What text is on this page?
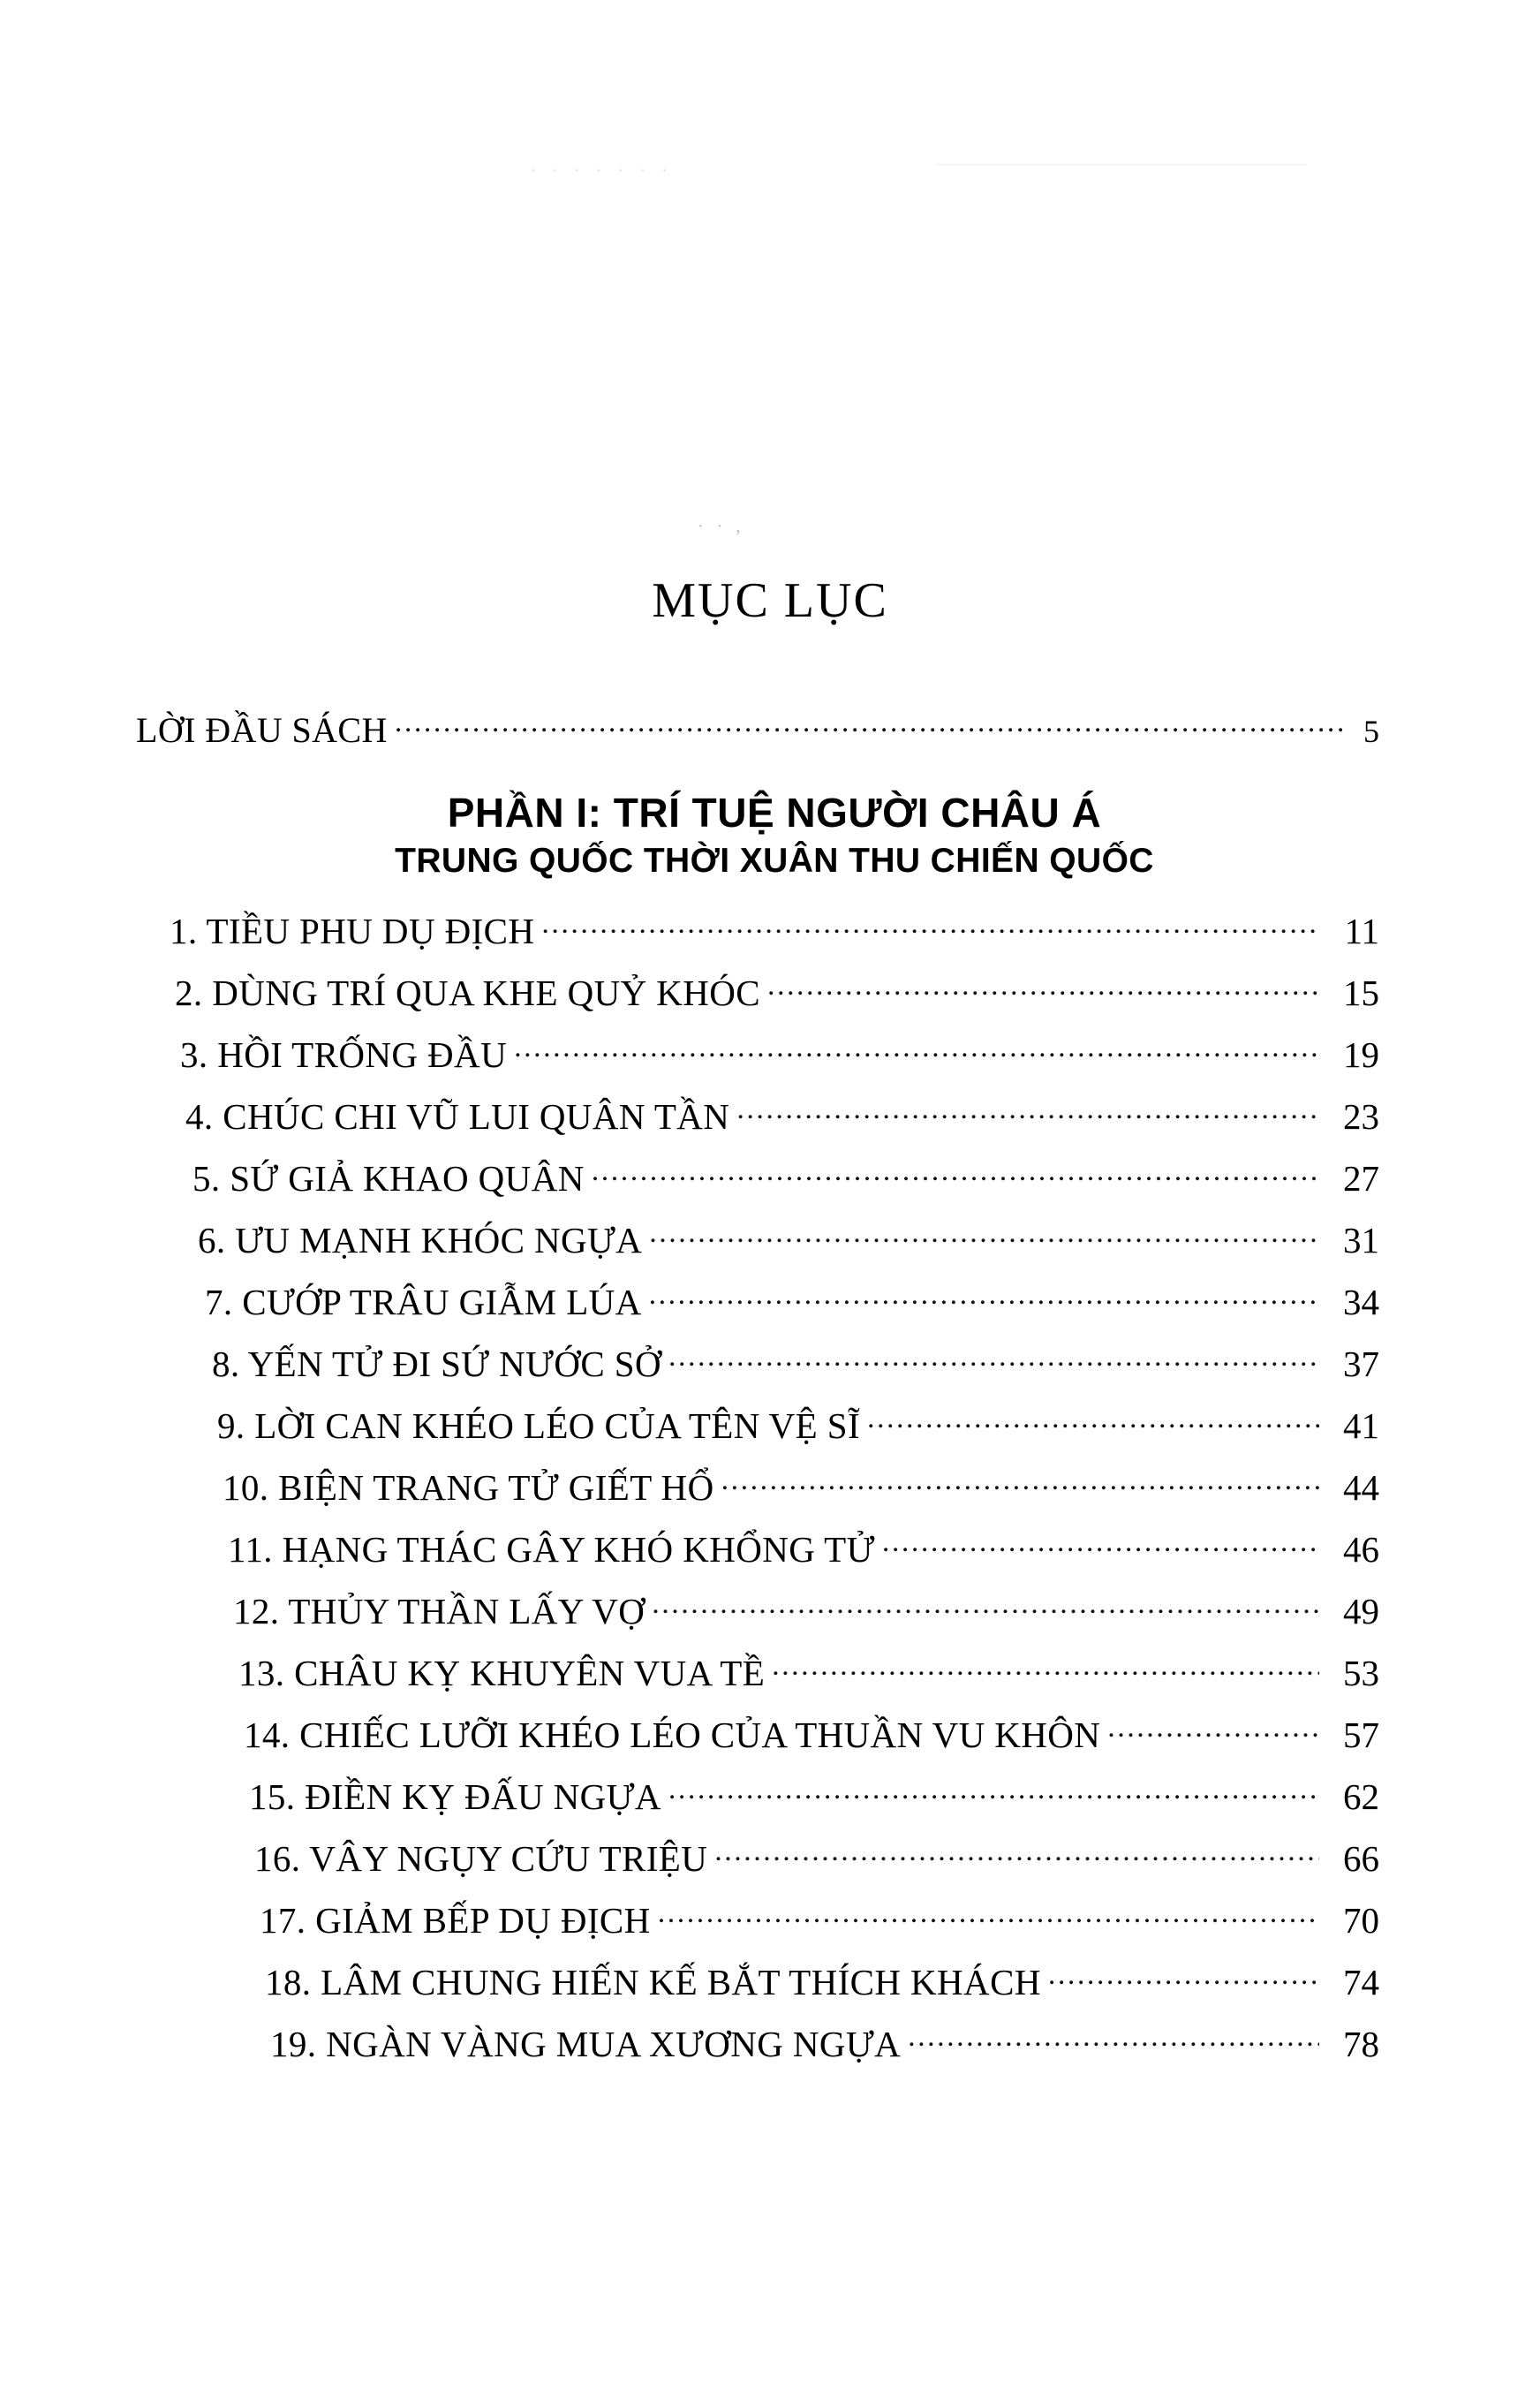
· · · · · · ·
· · ,
MỤC LỤC
LỜI ĐẦU SÁCH .....	5
PHẦN I: TRÍ TUỆ NGƯỜI CHÂU Á
TRUNG QUỐC THỜI XUÂN THU CHIẾN QUỐC
1. TIỀU PHU DỤ ĐỊCH .....	11
2. DÙNG TRÍ QUA KHE QUỶ KHÓC .....	15
3. HỒI TRỐNG ĐẦU .....	19
4. CHÚC CHI VŨ LUI QUÂN TẦN .....	23
5. SỨ GIẢ KHAO QUÂN .....	27
6. ƯU MẠNH KHÓC NGỰA .....	31
7. CƯỚP TRÂU GIẪM LÚA .....	34
8. YẾN TỬ ĐI SỨ NƯỚC SỞ .....	37
9. LỜI CAN KHÉO LÉO CỦA TÊN VỆ SĨ .....	41
10. BIỆN TRANG TỬ GIẾT HỔ .....	44
11. HẠNG THÁC GÂY KHÓ KHỔNG TỬ .....	46
12. THỦY THẦN LẤY VỢ .....	49
13. CHÂU KỴ KHUYÊN VUA TỀ .....	53
14. CHIẾC LƯỠI KHÉO LÉO CỦA THUẦN VU KHÔN .....	57
15. ĐIỀN KỴ ĐẤU NGỰA .....	62
16. VÂY NGỤY CỨU TRIỆU .....	66
17. GIẢM BẾP DỤ ĐỊCH .....	70
18. LÂM CHUNG HIẾN KẾ BẮT THÍCH KHÁCH .....	74
19. NGÀN VÀNG MUA XƯƠNG NGỰA .....	78
